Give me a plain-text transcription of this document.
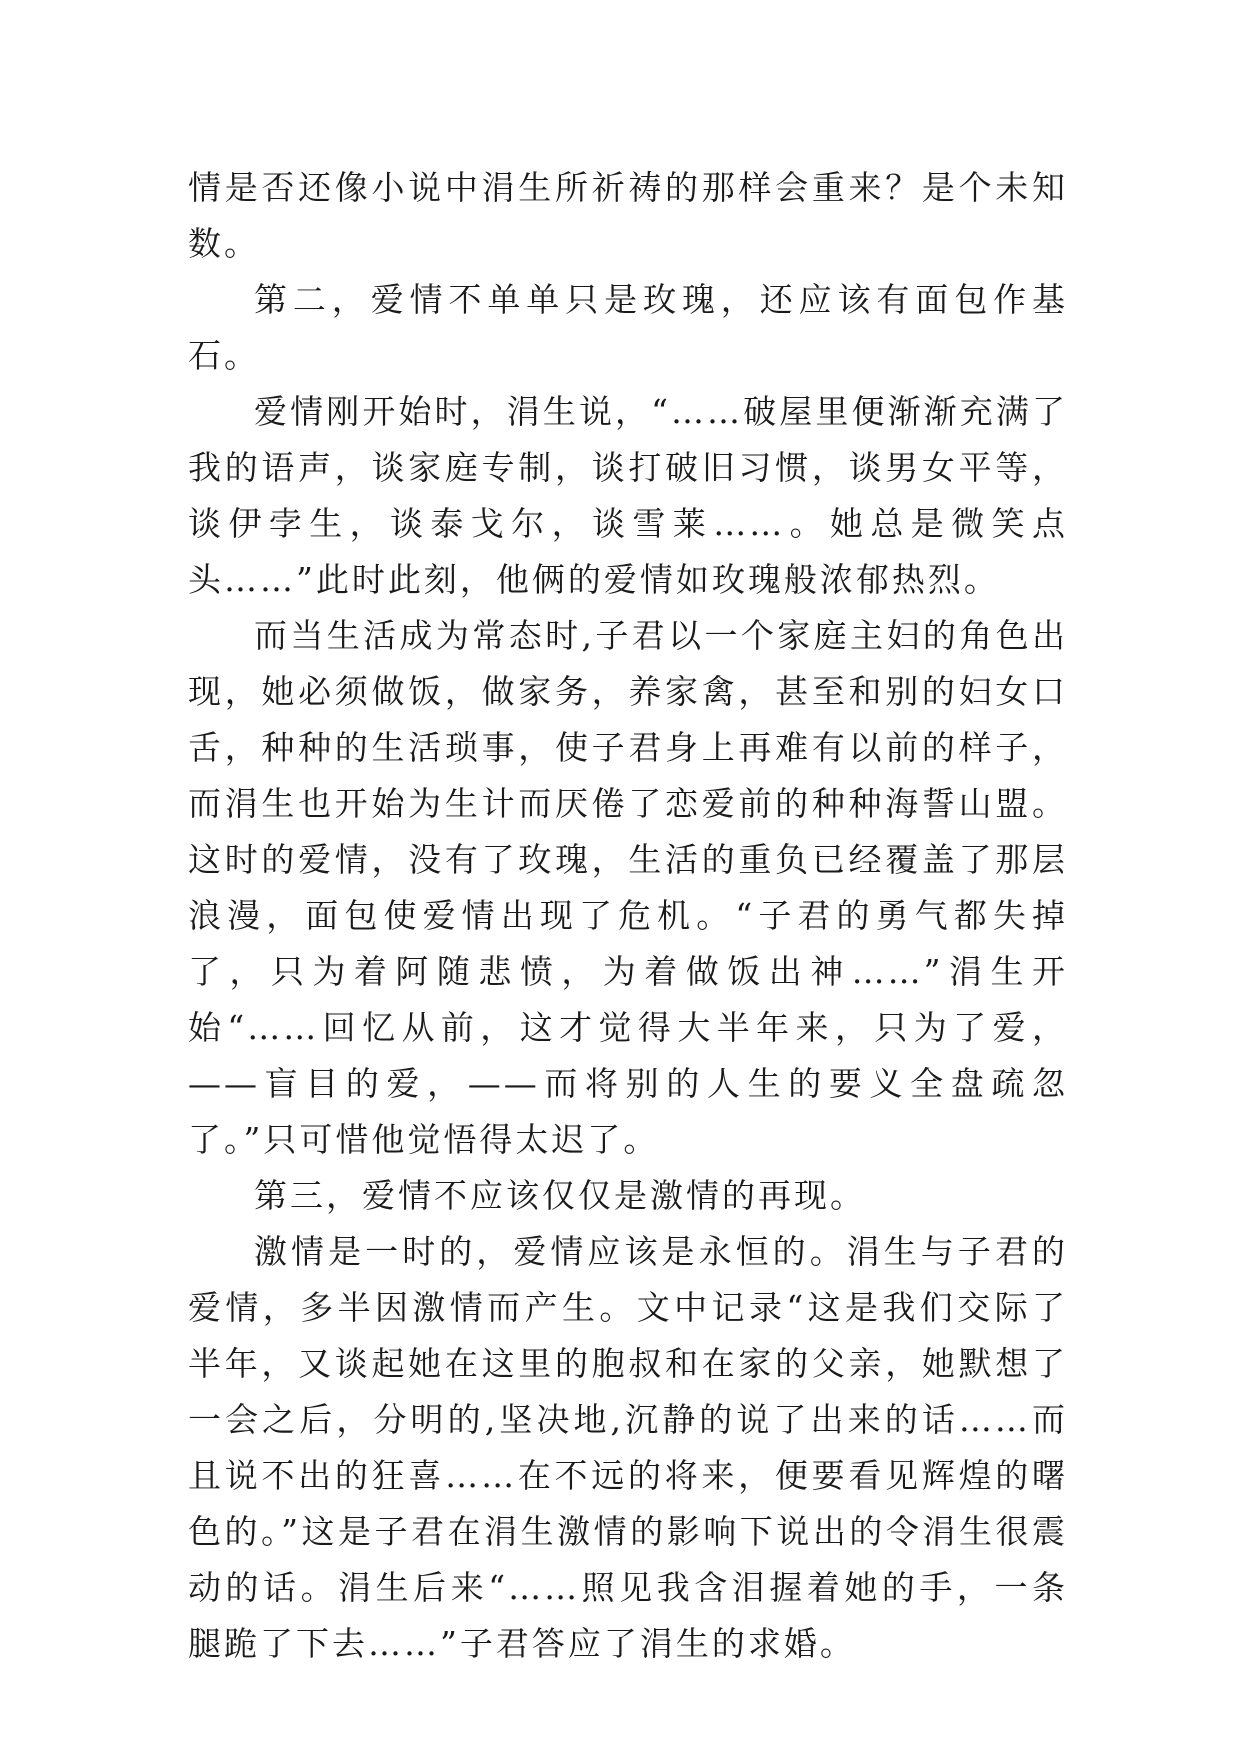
情是否还像小说中涓生所祈祷的那样会重来？是个未知数。

第二，爱情不单单只是玫瑰，还应该有面包作基石。

爱情刚开始时，涓生说，“……破屋里便渐渐充满了我的语声，谈家庭专制，谈打破旧习惯，谈男女平等，谈伊孛生，谈泰戈尔，谈雪莱……。她总是微笑点头……”此时此刻，他俩的爱情如玫瑰般浓郁热烈。

而当生活成为常态时,子君以一个家庭主妇的角色出现，她必须做饭，做家务，养家禽，甚至和别的妇女口舌，种种的生活琐事，使子君身上再难有以前的样子，而涓生也开始为生计而厌倦了恋爱前的种种海誓山盟。这时的爱情，没有了玫瑰，生活的重负已经覆盖了那层浪漫，面包使爱情出现了危机。“子君的勇气都失掉了，只为着阿随悲愤，为着做饭出神……”涓生开始“……回忆从前，这才觉得大半年来，只为了爱，——盲目的爱，——而将别的人生的要义全盘疏忽了。”只可惜他觉悟得太迟了。

第三，爱情不应该仅仅是激情的再现。

激情是一时的，爱情应该是永恒的。涓生与子君的爱情，多半因激情而产生。文中记录“这是我们交际了半年，又谈起她在这里的胞叔和在家的父亲，她默想了一会之后，分明的,坚决地,沉静的说了出来的话……而且说不出的狂喜……在不远的将来，便要看见辉煌的曙色的。”这是子君在涓生激情的影响下说出的令涓生很震动的话。涓生后来“……照见我含泪握着她的手，一条腿跪了下去……”子君答应了涓生的求婚。
